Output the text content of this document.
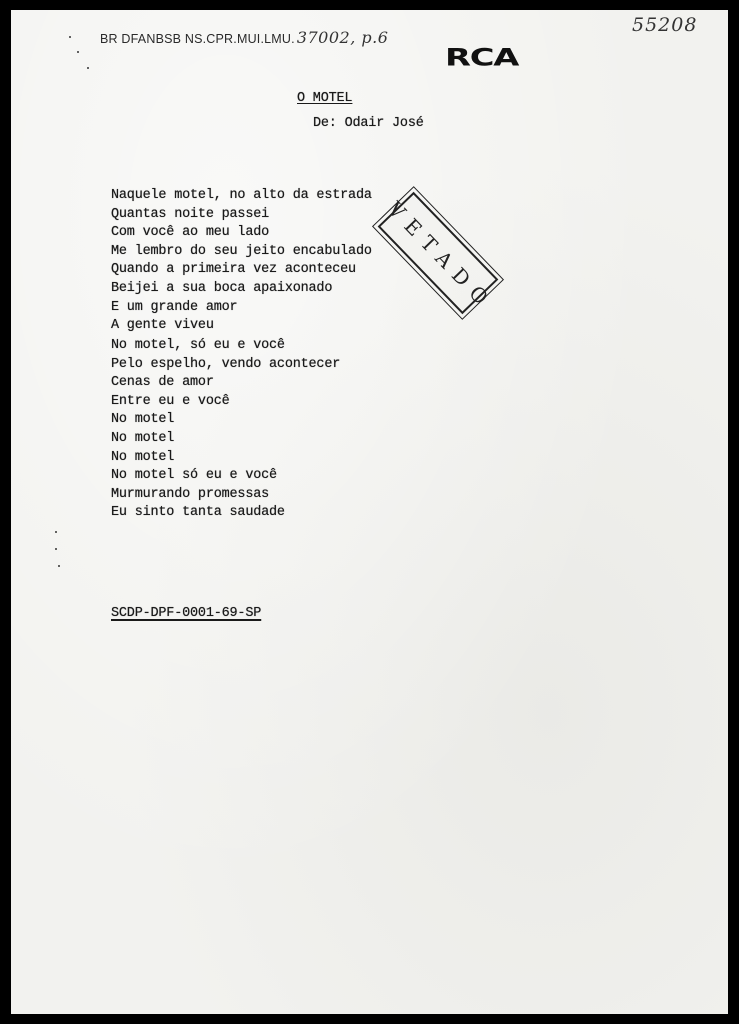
BR DFANBSB NS.CPR.MUI.LMU. 37002, p.6
55208
RCA
O MOTEL
De: Odair José
Naquele motel, no alto da estrada
Quantas noite passei
Com você ao meu lado
Me lembro do seu jeito encabulado
Quando a primeira vez aconteceu
Beijei a sua boca apaixonado
E um grande amor
A gente viveu
No motel, só eu e você
Pelo espelho, vendo acontecer
Cenas de amor
Entre eu e você
No motel
No motel
No motel
No motel só eu e você
Murmurando promessas
Eu sinto tanta saudade
VETADO
SCDP-DPF-0001-69-SP
